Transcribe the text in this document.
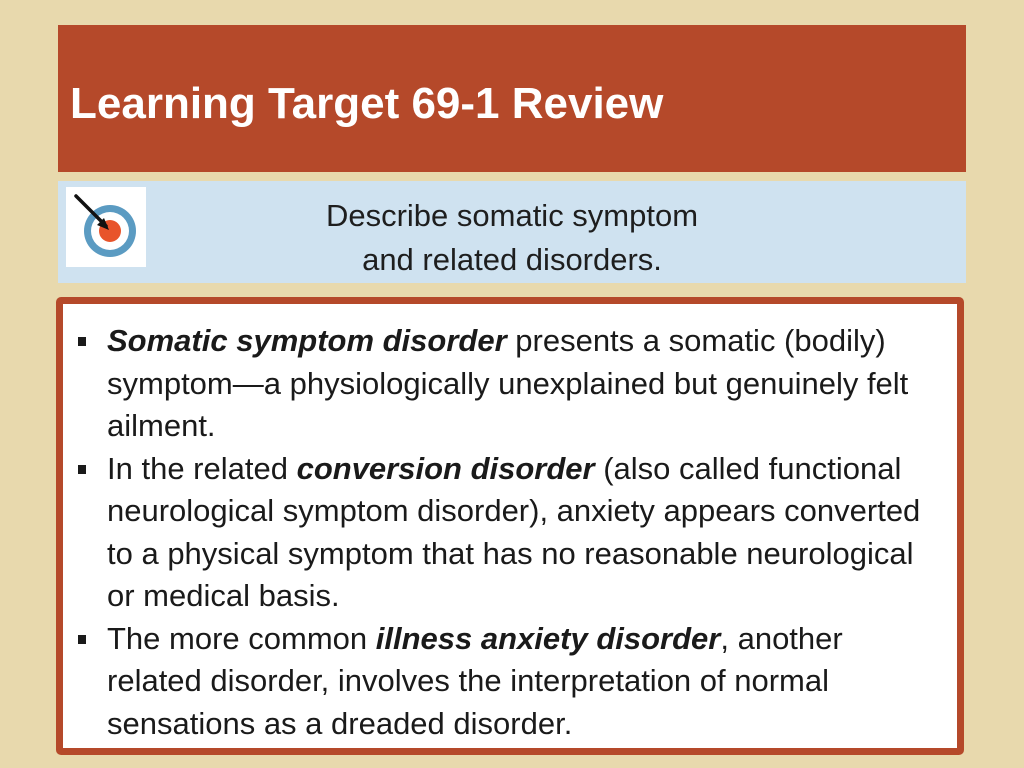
Learning Target 69-1 Review
Describe somatic symptom
and related disorders.
Somatic symptom disorder presents a somatic (bodily) symptom—a physiologically unexplained but genuinely felt ailment.
In the related conversion disorder (also called functional neurological symptom disorder), anxiety appears converted to a physical symptom that has no reasonable neurological or medical basis.
The more common illness anxiety disorder, another related disorder, involves the interpretation of normal sensations as a dreaded disorder.
